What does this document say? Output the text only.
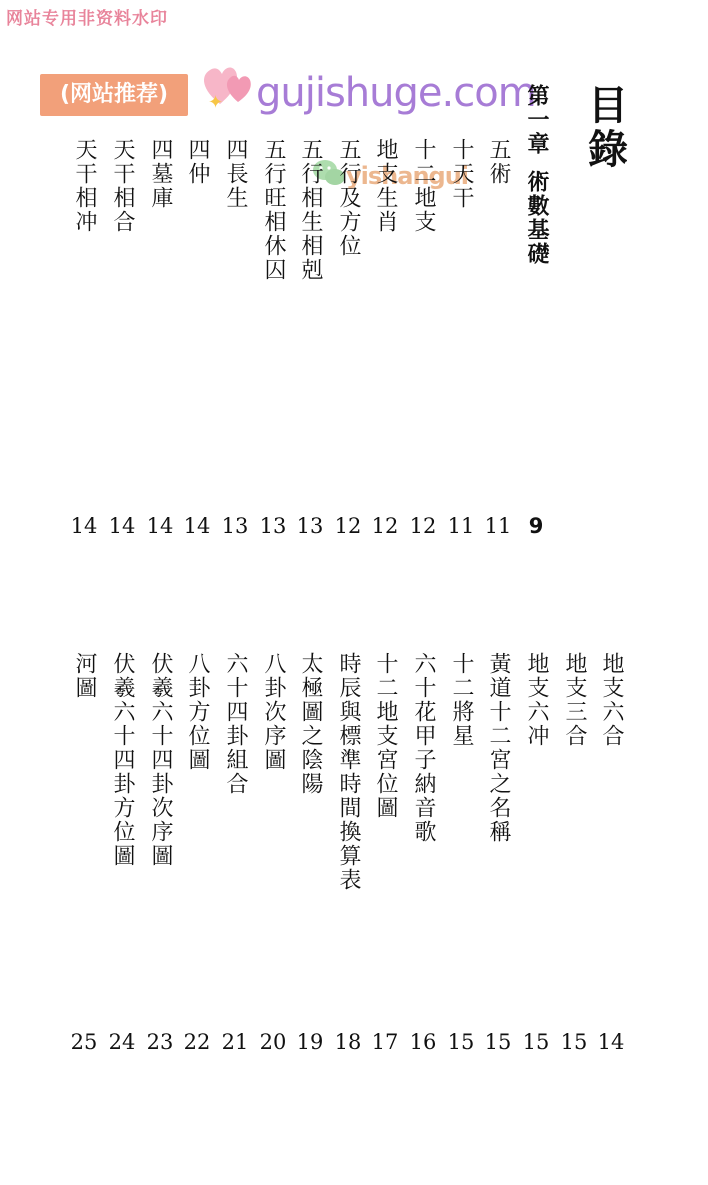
网站专用非资料水印
(网站推荐)	✦ gujishuge.com
yishangui
目錄
第一章術數基礎
9
五術
11
十天干
11
十二地支
12
地支生肖
12
五行及方位
12
五行相生相剋
13
五行旺相休囚
13
四長生
13
四仲
14
四墓庫
14
天干相合
14
天干相冲
14
地支六合
14
地支三合
15
地支六冲
15
黃道十二宮之名稱
15
十二將星
15
六十花甲子納音歌
16
十二地支宮位圖
17
時辰與標準時間換算表
18
太極圖之陰陽
19
八卦次序圖
20
六十四卦組合
21
八卦方位圖
22
伏羲六十四卦次序圖
23
伏羲六十四卦方位圖
24
河圖
25
